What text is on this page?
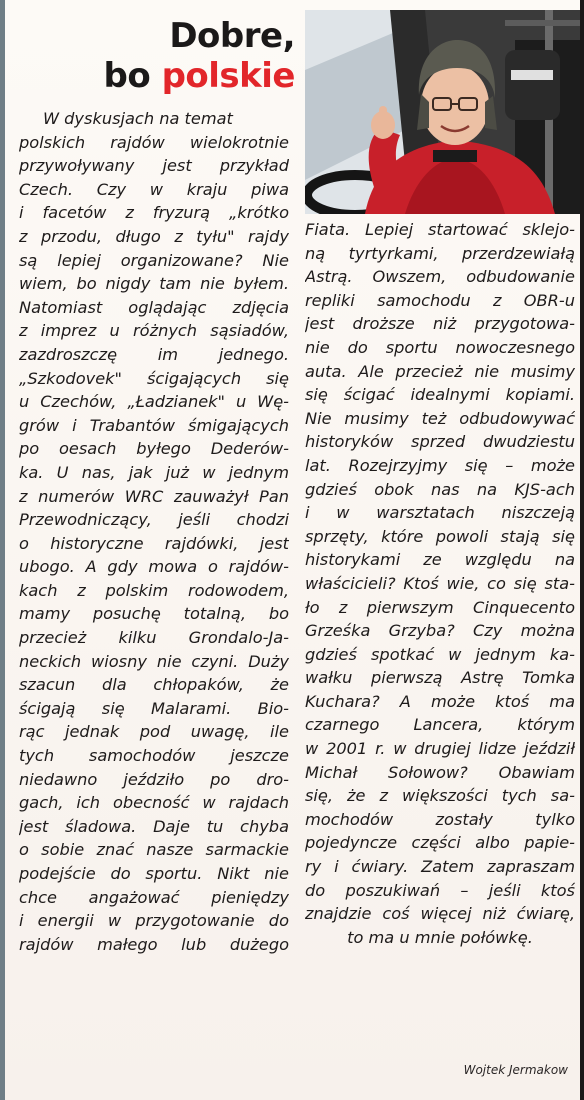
Dobre,
bo polskie
W dyskusjach na temat
polskich rajdów wielokrotnie
przywoływany jest przykład
Czech. Czy w kraju piwa
i facetów z fryzurą „krótko
z przodu, długo z tyłu" rajdy
są lepiej organizowane? Nie
wiem, bo nigdy tam nie byłem.
Natomiast oglądając zdjęcia
z imprez u różnych sąsiadów,
zazdroszczę im jednego.
„Szkodovek" ścigających się
u Czechów, „Ładzianek" u Wę-
grów i Trabantów śmigających
po oesach byłego Dederów-
ka. U nas, jak już w jednym
z numerów WRC zauważył Pan
Przewodniczący, jeśli chodzi
o historyczne rajdówki, jest
ubogo. A gdy mowa o rajdów-
kach z polskim rodowodem,
mamy posuchę totalną, bo
przecież kilku Grondalo-Ja-
neckich wiosny nie czyni. Duży
szacun dla chłopaków, że
ścigają się Malarami. Bio-
rąc jednak pod uwagę, ile
tych samochodów jeszcze
niedawno jeździło po dro-
gach, ich obecność w rajdach
jest śladowa. Daje tu chyba
o sobie znać nasze sarmackie
podejście do sportu. Nikt nie
chce angażować pieniędzy
i energii w przygotowanie do
rajdów małego lub dużego
Fiata. Lepiej startować sklejo-
ną tyrtyrkami, przerdzewiałą
Astrą. Owszem, odbudowanie
repliki samochodu z OBR-u
jest droższe niż przygotowa-
nie do sportu nowoczesnego
auta. Ale przecież nie musimy
się ścigać idealnymi kopiami.
Nie musimy też odbudowywać
historyków sprzed dwudziestu
lat. Rozejrzyjmy się – może
gdzieś obok nas na KJS-ach
i w warsztatach niszczeją
sprzęty, które powoli stają się
historykami ze względu na
właścicieli? Ktoś wie, co się sta-
ło z pierwszym Cinquecento
Grześka Grzyba? Czy można
gdzieś spotkać w jednym ka-
wałku pierwszą Astrę Tomka
Kuchara? A może ktoś ma
czarnego Lancera, którym
w 2001 r. w drugiej lidze jeździł
Michał Sołowow? Obawiam
się, że z większości tych sa-
mochodów zostały tylko
pojedyncze części albo papie-
ry i ćwiary. Zatem zapraszam
do poszukiwań – jeśli ktoś
znajdzie coś więcej niż ćwiarę,
to ma u mnie połówkę.
Wojtek Jermakow
